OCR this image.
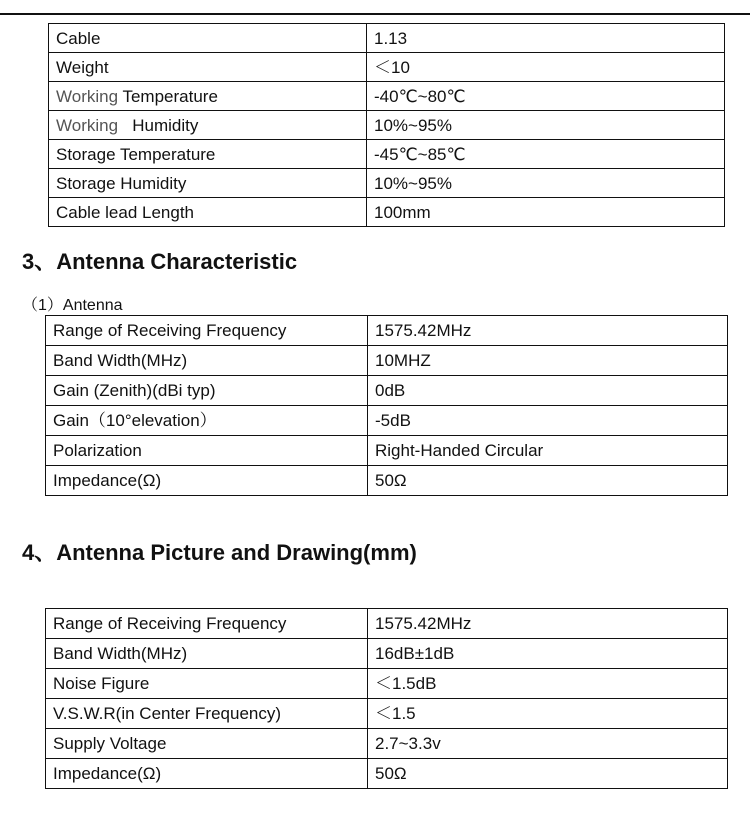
Cable	1.13
Weight	＜10
Working Temperature	-40℃~80℃
Working   Humidity	10%~95%
Storage Temperature	-45℃~85℃
Storage Humidity	10%~95%
Cable lead Length	100mm
3、Antenna Characteristic
（1）Antenna
Range of Receiving Frequency	1575.42MHz
Band Width(MHz)	10MHZ
Gain (Zenith)(dBi typ)	0dB
Gain（10°elevation）	-5dB
Polarization	Right-Handed Circular
Impedance(Ω)	50Ω
4、Antenna Picture and Drawing(mm)
Range of Receiving Frequency	1575.42MHz
Band Width(MHz)	16dB±1dB
Noise Figure	＜1.5dB
V.S.W.R(in Center Frequency)	＜1.5
Supply Voltage	2.7~3.3v
Impedance(Ω)	50Ω
